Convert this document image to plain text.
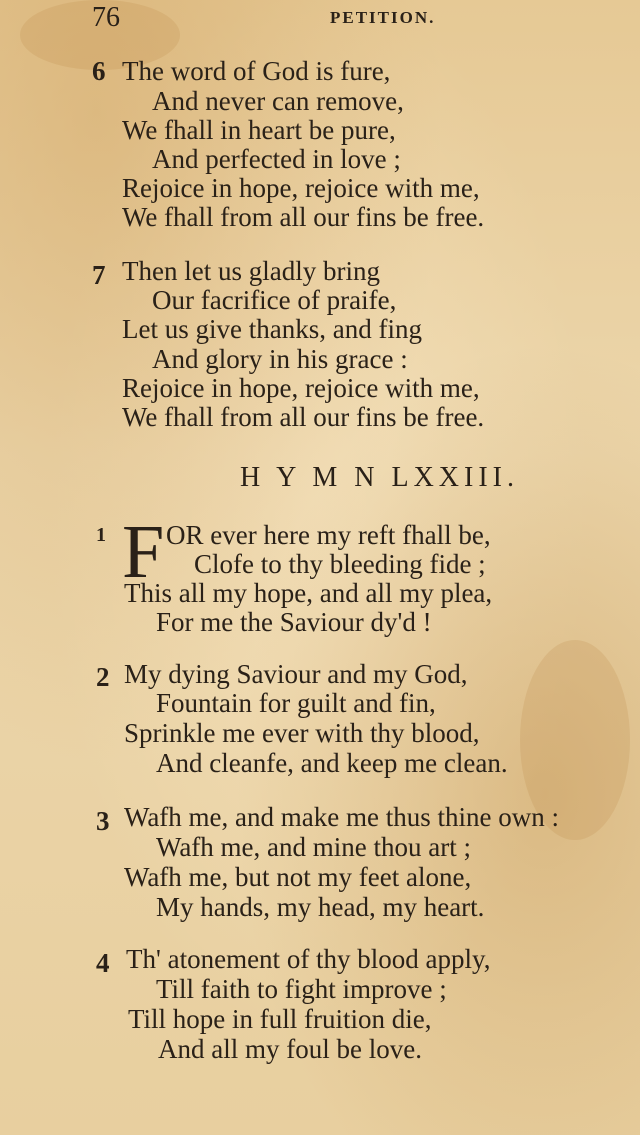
76	PETITION.
6 The word of God is fure,
And never can remove,
We fhall in heart be pure,
And perfected in love ;
Rejoice in hope, rejoice with me,
We fhall from all our fins be free.
7 Then let us gladly bring
Our facrifice of praife,
Let us give thanks, and fing
And glory in his grace :
Rejoice in hope, rejoice with me,
We fhall from all our fins be free.
H Y M N LXXIII.
1 F OR ever here my reft fhall be,
Clofe to thy bleeding fide ;
This all my hope, and all my plea,
For me the Saviour dy'd !
2 My dying Saviour and my God,
Fountain for guilt and fin,
Sprinkle me ever with thy blood,
And cleanfe, and keep me clean.
3 Wafh me, and make me thus thine own :
Wafh me, and mine thou art ;
Wafh me, but not my feet alone,
My hands, my head, my heart.
4 Th' atonement of thy blood apply,
Till faith to fight improve ;
Till hope in full fruition die,
And all my foul be love.
